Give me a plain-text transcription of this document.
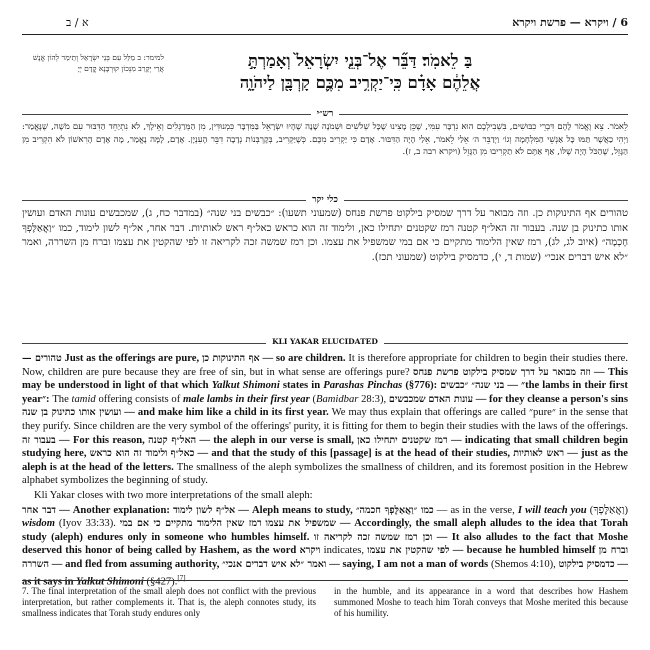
6 / ויקרא — פרשת ויקרא
א / ב
בַּ לֵאמֹֽר׃ דַּבֵּ֞ר אֶל־בְּנֵ֤י יִשְׂרָאֵל֙ וְאָמַרְתָּ֣
אֲלֵהֶ֔ם אָדָ֗ם כִּֽי־יַקְרִ֥יב מִכֶּ֛ם קָרְבָּ֖ן לַיהֹוָ֑ה
למימר: ב מַלֵּל עִם בְּנֵי יִשְׂרָאֵל וְתֵימַר לְהוֹן אֱנָשׁ אֲרֵי יְקָרֵב מִנְּכוֹן קוּרְבָּנָא קֳדָם יְיָ
רש״י
לֵאמֹר. צֵא וֶאֱמֹר לָהֶם דִּבְרֵי כִבּוּשִׁים, בִּשְׁבִילְכֶם הוּא נִדְבָּר עִמִּי, שֶׁכֵּן מָצִינוּ שֶׁכָּל שְׁלֹשִׁים וּשְׁמֹנֶה שָׁנָה שֶׁהָיוּ יִשְׂרָאֵל בַּמִּדְבָּר כִּמְנוּדִּין, מִן הַמְּרַגְּלִים וְאֵילָךְ, לֹא נִתְיַחֵד הַדִּבּוּר עִם מֹשֶׁה, שֶׁנֶּאֱמַר: וַיְהִי כַאֲשֶׁר תַּמּוּ כָּל אַנְשֵׁי הַמִּלְחָמָה וְגוֹ׳ וַיְדַבֵּר ה׳ אֵלַי לֵאמֹר, אֵלַי הָיָה הַדִּבּוּר. אָדָם כִּי יַקְרִיב מִכֶּם. כְּשֶׁיַּקְרִיב, בְּקָרְבְּנוֹת נְדָבָה דִבֵּר הָעִנְיָן. אָדָם, לָמָּה נֶאֱמַר, מָה אָדָם הָרִאשׁוֹן לֹא הִקְרִיב מִן הַגָּזֵל, שֶׁהַכֹּל הָיָה שֶׁלּוֹ, אַף אַתֶּם לֹא תַקְרִיבוּ מִן הַגָּזֵל (ויקרא רבה ב, ז).
כלי יקר
טהורים אף התינוקות כן. וזה מבואר על דרך שמסיק בילקוט פרשת פנחס (שמעוני תשעו): ״כבשים בני שנה״ (במדבר כח, ג), שמכבשים עונות האדם ועושין אותו כתינוק בן שנה. בעבור זה האל״ף קטנה רמז שקטנים יתחילו כאן, ולימוד זה הוא כראש כאל״ף ראש לאותיות. דבר אחר, אל״ף לשון לימוד, כמו ״וַאֲאַלֶּפְךָ חָכְמָה״ (איוב לג, לג), רמז שאין הלימוד מתקיים כי אם במי שמשפיל את עצמו. וכן רמז שמשה זכה לקריאה זו לפי שהקטין את עצמו וברח מן השררה, ואמר ״לא איש דברים אנכי״ (שמות ד, י), כדמסיק בילקוט (שמעוני תכז).
KLI YAKAR ELUCIDATED

טהורים — Just as the offerings are pure, אף התינוקות כן — so are children. It is therefore appropriate for children to begin their studies there. Now, children are pure because they are free of sin, but in what sense are offerings pure? וזה מבואר על דרך שמסיק בילקוט פרשת פנחס — This may be understood in light of that which Yalkut Shimoni states in Parashas Pinchas (§776): ״כבשים בני שנה״ — ״the lambs in their first year״: The tamid offering consists of male lambs in their first year (Bamidbar 28:3), שמכבשים עונות האדם — for they cleanse a person's sins ועושין אותו כתינוק בן שנה — and make him like a child in its first year. We may thus explain that offerings are called ״pure״ in the sense that they purify. Since children are the very symbol of the offerings' purity, it is fitting for them to begin their studies with the laws of the offerings. בעבור זה — For this reason, האל״ף קטנה — the aleph in our verse is small, רמז שקטנים יתחילו כאן — indicating that small children begin studying here, ולימוד זה הוא כראש כאל״ף — and that the study of this [passage] is at the head of their studies, ראש לאותיות — just as the aleph is at the head of the letters. The smallness of the aleph symbolizes the smallness of children, and its foremost position in the Hebrew alphabet symbolizes the beginning of study.

Kli Yakar closes with two more interpretations of the small aleph:

דבר אחר — Another explanation: אל״ף לשון לימוד — Aleph means to study, כמו ״וַאֲאַלֶּפְךָ חכמה״ — as in the verse, I will teach you (וַאֲאַלֶּפְךָ) wisdom (Iyov 33:33). רמז שאין הלימוד מתקיים כי אם במי שמשפיל את עצמו — Accordingly, the small aleph alludes to the idea that Torah study (aleph) endures only in someone who humbles himself. וכן רמז שמשה זכה לקריאה זו — It also alludes to the fact that Moshe deserved this honor of being called by Hashem, as the word ויקרא indicates, לפי שהקטין את עצמו — because he humbled himself וברח מן השררה — and fled from assuming authority, ואמר ״לא איש דברים אנכי״ — saying, I am not a man of words (Shemos 4:10), כדמסיק בילקוט — as it says in Yalkut Shimoni (§427).[7]

7. The final interpretation of the small aleph does not conflict with the previous interpretation, but rather complements it. That is, the aleph connotes study, its smallness indicates that Torah study endures only
in the humble, and its appearance in a word that describes how Hashem summoned Moshe to teach him Torah conveys that Moshe merited this because of his humility.
